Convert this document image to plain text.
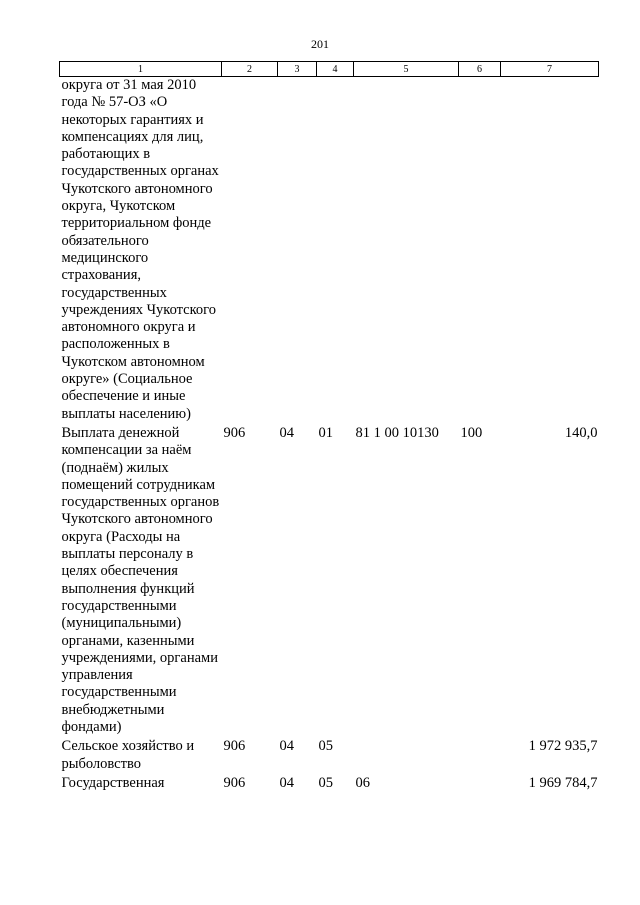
201
1	2	3	4	5	6	7
округа от 31 мая 2010 года № 57-ОЗ «О некоторых гарантиях и компенсациях для лиц, работающих в государственных органах Чукотского автономного округа, Чукотском территориальном фонде обязательного медицинского страхования, государственных учреждениях Чукотского автономного округа и расположенных в Чукотском автономном округе» (Социальное обеспечение и иные выплаты населению)						
Выплата денежной компенсации за наём (поднаём) жилых помещений сотрудникам государственных органов Чукотского автономного округа (Расходы на выплаты персоналу в целях обеспечения выполнения функций государственными (муниципальными) органами, казенными учреждениями, органами управления государственными внебюджетными фондами)	906	04	01	81 1 00 10130	100	140,0
Сельское хозяйство и рыболовство	906	04	05			1 972 935,7
Государственная	906	04	05	06		1 969 784,7
